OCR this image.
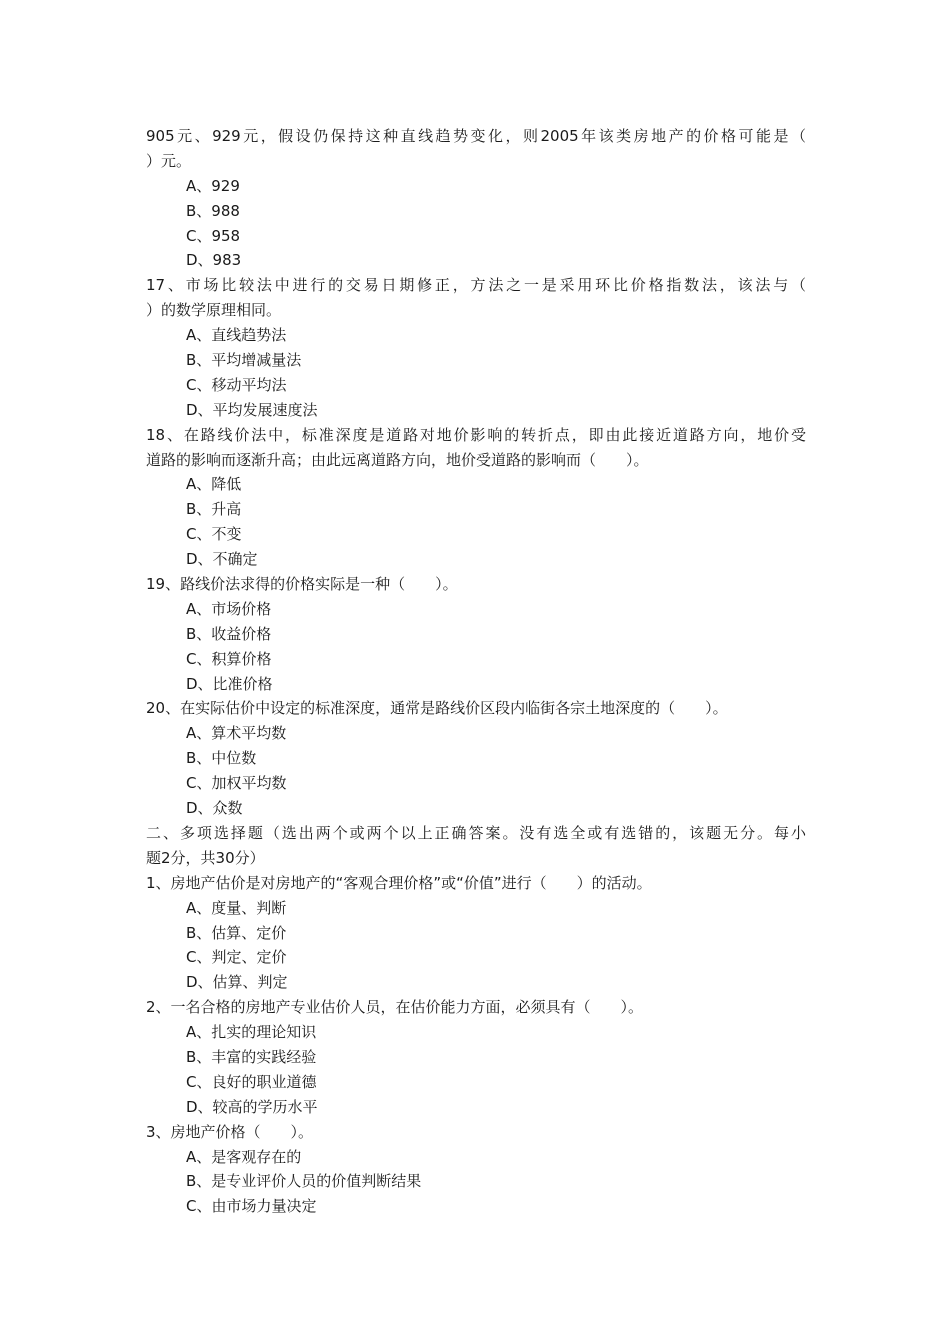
905元、929元，假设仍保持这种直线趋势变化，则2005年该类房地产的价格可能是（
）元。
A、929
B、988
C、958
D、983
17、市场比较法中进行的交易日期修正，方法之一是采用环比价格指数法，该法与（
）的数学原理相同。
A、直线趋势法
B、平均增减量法
C、移动平均法
D、平均发展速度法
18、在路线价法中，标准深度是道路对地价影响的转折点，即由此接近道路方向，地价受
道路的影响而逐渐升高；由此远离道路方向，地价受道路的影响而（　　）。
A、降低
B、升高
C、不变
D、不确定
19、路线价法求得的价格实际是一种（　　）。
A、市场价格
B、收益价格
C、积算价格
D、比准价格
20、在实际估价中设定的标准深度，通常是路线价区段内临街各宗土地深度的（　　）。
A、算术平均数
B、中位数
C、加权平均数
D、众数
二、多项选择题（选出两个或两个以上正确答案。没有选全或有选错的，该题无分。每小
题2分，共30分）
1、房地产估价是对房地产的“客观合理价格”或“价值”进行（　　）的活动。
A、度量、判断
B、估算、定价
C、判定、定价
D、估算、判定
2、一名合格的房地产专业估价人员，在估价能力方面，必须具有（　　）。
A、扎实的理论知识
B、丰富的实践经验
C、良好的职业道德
D、较高的学历水平
3、房地产价格（　　）。
A、是客观存在的
B、是专业评价人员的价值判断结果
C、由市场力量决定
